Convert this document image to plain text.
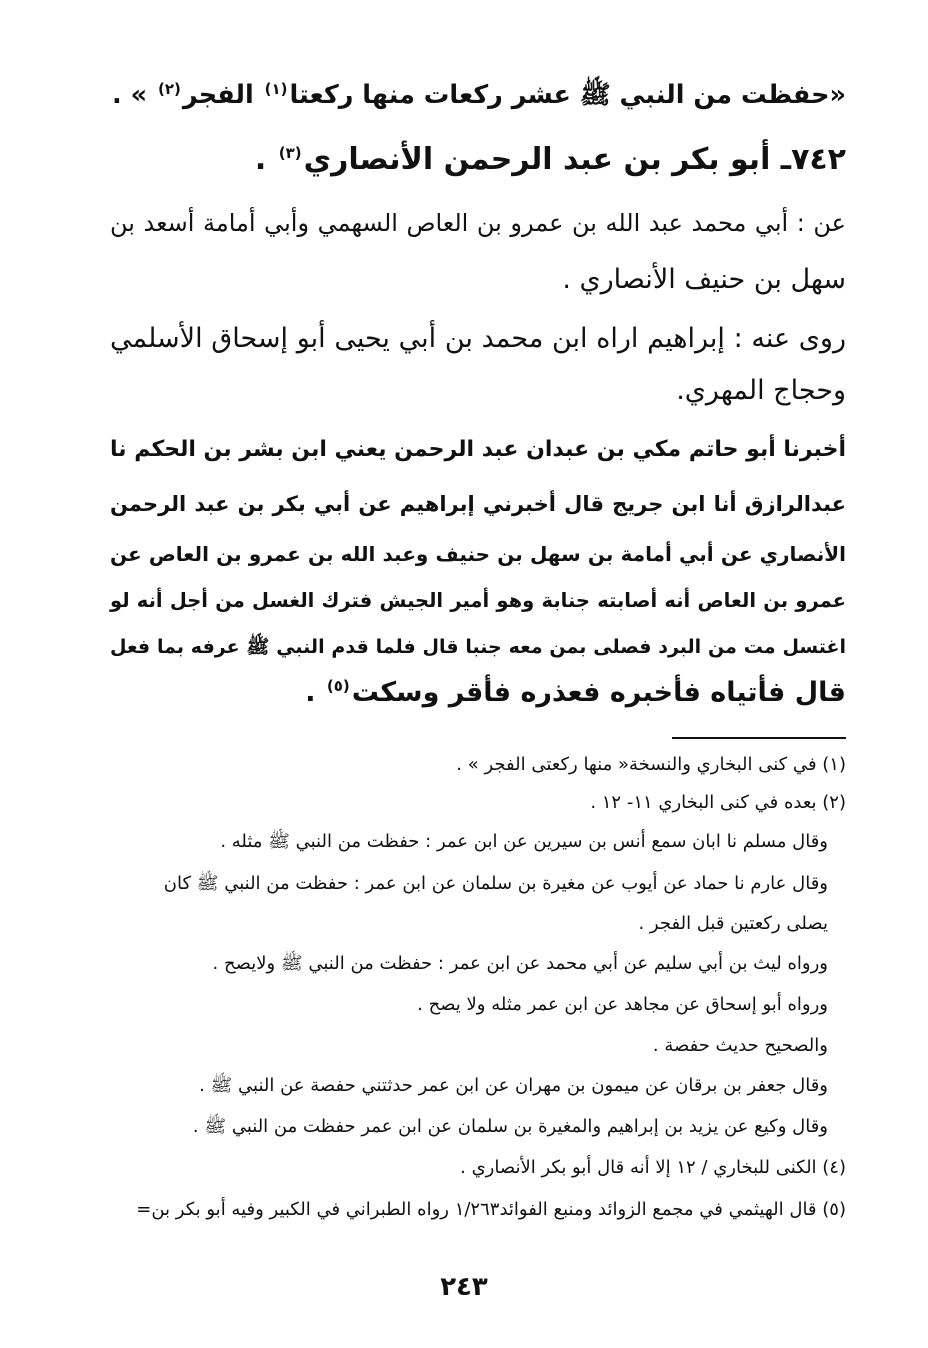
«حفظت من النبي ﷺ عشر ركعات منها ركعتا$^{(١)}$ الفجر$^{(٢)}$ » .
٧٤٢ـ أبو بكر بن عبد الرحمن الأنصاري$^{(٣)}$ .
عن : أبي محمد عبد الله بن عمرو بن العاص السهمي وأبي أمامة أسعد بن
سهل بن حنيف الأنصاري .
روى عنه : إبراهيم اراه ابن محمد بن أبي يحيى أبو إسحاق الأسلمي
وحجاج المهري.
أخبرنا أبو حاتم مكي بن عبدان عبد الرحمن يعني ابن بشر بن الحكم نا
عبدالرازق أنا ابن جريج قال أخبرني إبراهيم عن أبي بكر بن عبد الرحمن
الأنصاري عن أبي أمامة بن سهل بن حنيف وعبد الله بن عمرو بن العاص عن
عمرو بن العاص أنه أصابته جنابة وهو أمير الجيش فترك الغسل من أجل أنه لو
اغتسل مت من البرد فصلى بمن معه جنبا قال فلما قدم النبي ﷺ عرفه بما فعل
قال فأتياه فأخبره فعذره فأقر وسكت$^{(٥)}$ .
(١) في كنى البخاري والنسخة« منها ركعتى الفجر » .
(٢) بعده في كنى البخاري ١١- ١٢ .
وقال مسلم نا ابان سمع أنس بن سيرين عن ابن عمر : حفظت من النبي ﷺ مثله .
وقال عارم نا حماد عن أيوب عن مغيرة بن سلمان عن ابن عمر : حفظت من النبي ﷺ كان
يصلى ركعتين قبل الفجر .
ورواه ليث بن أبي سليم عن أبي محمد عن ابن عمر : حفظت من النبي ﷺ ولايصح .
ورواه أبو إسحاق عن مجاهد عن ابن عمر مثله ولا يصح .
والصحيح حديث حفصة .
وقال جعفر بن برقان عن ميمون بن مهران عن ابن عمر حدثتني حفصة عن النبي ﷺ .
وقال وكيع عن يزيد بن إبراهيم والمغيرة بن سلمان عن ابن عمر حفظت من النبي ﷺ .
(٤) الكنى للبخاري / ١٢ إلا أنه قال أبو بكر الأنصاري .
(٥) قال الهيثمي في مجمع الزوائد ومنبع الفوائد١/٢٦٣ رواه الطبراني في الكبير وفيه أبو بكر بن=
٢٤٣
